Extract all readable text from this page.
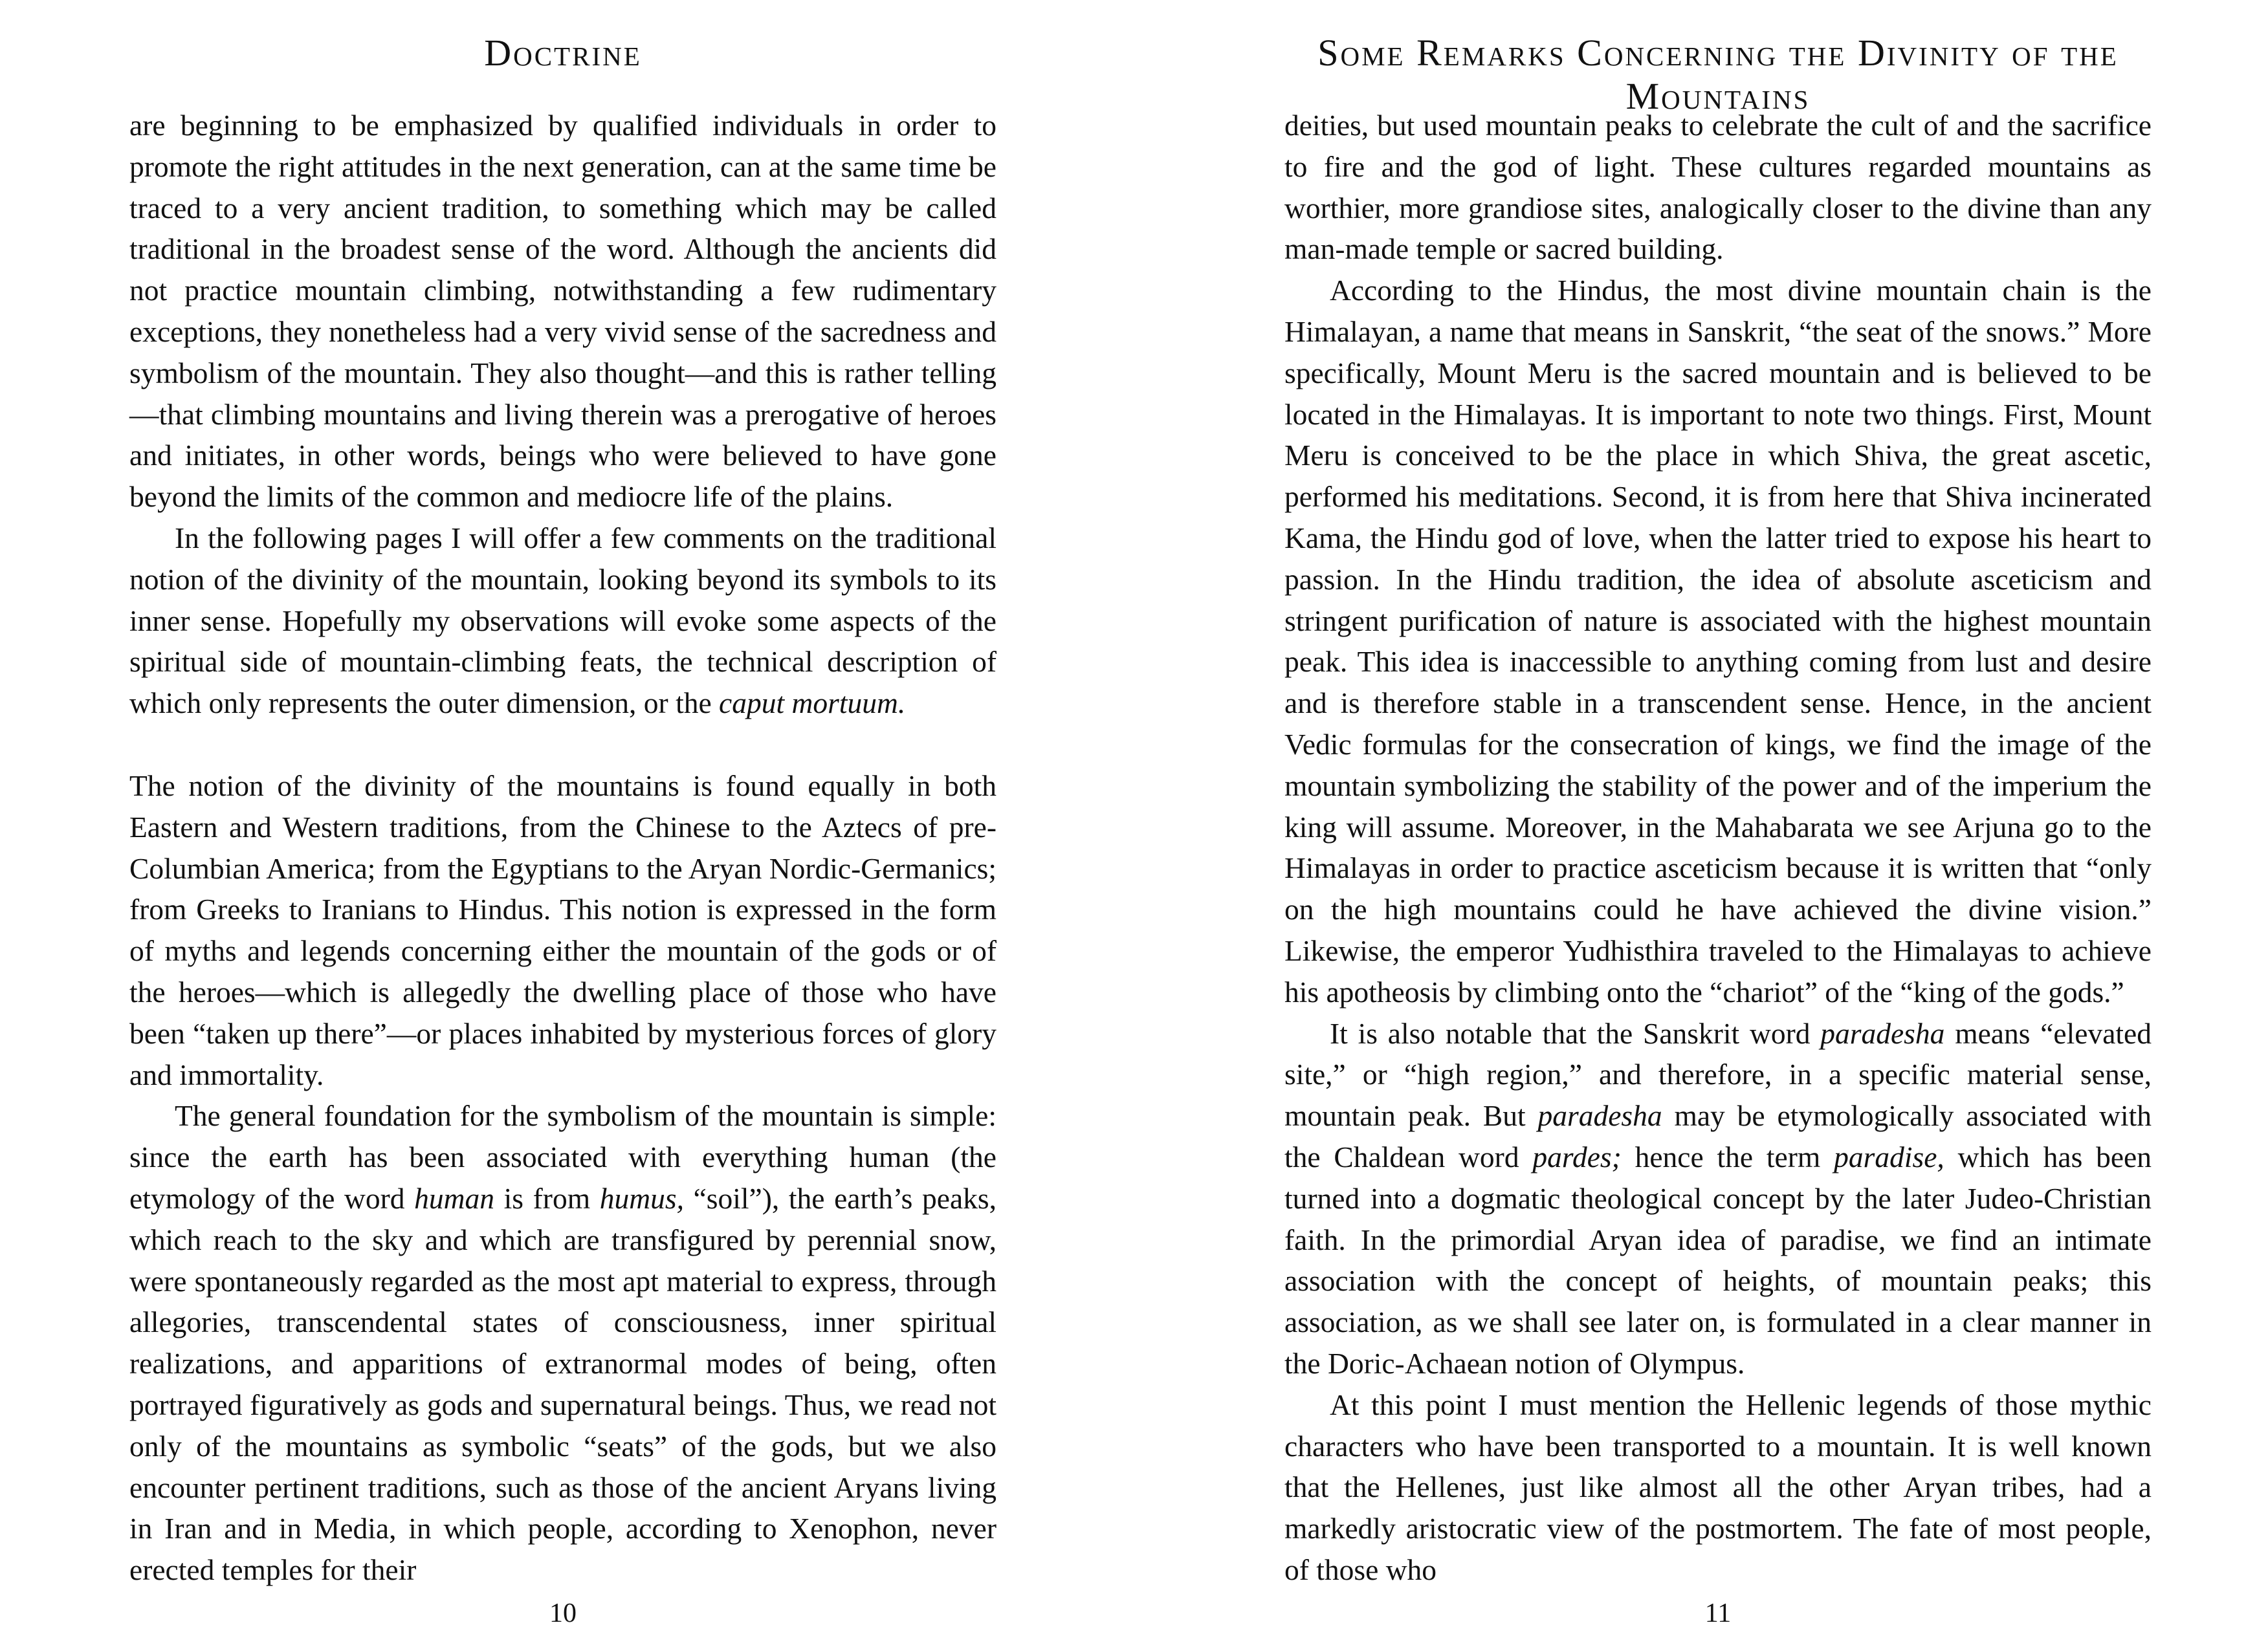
Doctrine

are beginning to be emphasized by qualified individuals in order to promote the right attitudes in the next generation, can at the same time be traced to a very ancient tradition, to something which may be called traditional in the broadest sense of the word. Although the ancients did not practice mountain climbing, notwithstanding a few rudimentary exceptions, they nonetheless had a very vivid sense of the sacredness and symbolism of the mountain. They also thought—and this is rather telling—that climbing mountains and living therein was a prerogative of heroes and initiates, in other words, beings who were believed to have gone beyond the limits of the common and mediocre life of the plains.

In the following pages I will offer a few comments on the traditional notion of the divinity of the mountain, looking beyond its symbols to its inner sense. Hopefully my observations will evoke some aspects of the spiritual side of mountain-climbing feats, the technical description of which only represents the outer dimension, or the caput mortuum.

The notion of the divinity of the mountains is found equally in both Eastern and Western traditions, from the Chinese to the Aztecs of pre-Columbian America; from the Egyptians to the Aryan Nordic-Germanics; from Greeks to Iranians to Hindus. This notion is expressed in the form of myths and legends concerning either the mountain of the gods or of the heroes—which is allegedly the dwelling place of those who have been “taken up there”—or places inhabited by mysterious forces of glory and immortality.

The general foundation for the symbolism of the mountain is simple: since the earth has been associated with everything human (the etymology of the word human is from humus, “soil”), the earth’s peaks, which reach to the sky and which are transfigured by perennial snow, were spontaneously regarded as the most apt material to express, through allegories, transcendental states of consciousness, inner spiritual realizations, and apparitions of extranormal modes of being, often portrayed figuratively as gods and supernatural beings. Thus, we read not only of the mountains as symbolic “seats” of the gods, but we also encounter pertinent traditions, such as those of the ancient Aryans living in Iran and in Media, in which people, according to Xenophon, never erected temples for their

10
Some Remarks Concerning the Divinity of the Mountains

deities, but used mountain peaks to celebrate the cult of and the sacrifice to fire and the god of light. These cultures regarded mountains as worthier, more grandiose sites, analogically closer to the divine than any man-made temple or sacred building.

According to the Hindus, the most divine mountain chain is the Himalayan, a name that means in Sanskrit, “the seat of the snows.” More specifically, Mount Meru is the sacred mountain and is believed to be located in the Himalayas. It is important to note two things. First, Mount Meru is conceived to be the place in which Shiva, the great ascetic, performed his meditations. Second, it is from here that Shiva incinerated Kama, the Hindu god of love, when the latter tried to expose his heart to passion. In the Hindu tradition, the idea of absolute asceticism and stringent purification of nature is associated with the highest mountain peak. This idea is inaccessible to anything coming from lust and desire and is therefore stable in a transcendent sense. Hence, in the ancient Vedic formulas for the consecration of kings, we find the image of the mountain symbolizing the stability of the power and of the imperium the king will assume. Moreover, in the Mahabarata we see Arjuna go to the Himalayas in order to practice asceticism because it is written that “only on the high mountains could he have achieved the divine vision.” Likewise, the emperor Yudhisthira traveled to the Himalayas to achieve his apotheosis by climbing onto the “chariot” of the “king of the gods.”

It is also notable that the Sanskrit word paradesha means “elevated site,” or “high region,” and therefore, in a specific material sense, mountain peak. But paradesha may be etymologically associated with the Chaldean word pardes; hence the term paradise, which has been turned into a dogmatic theological concept by the later Judeo-Christian faith. In the primordial Aryan idea of paradise, we find an intimate association with the concept of heights, of mountain peaks; this association, as we shall see later on, is formulated in a clear manner in the Doric-Achaean notion of Olympus.

At this point I must mention the Hellenic legends of those mythic characters who have been transported to a mountain. It is well known that the Hellenes, just like almost all the other Aryan tribes, had a markedly aristocratic view of the postmortem. The fate of most people, of those who

11
